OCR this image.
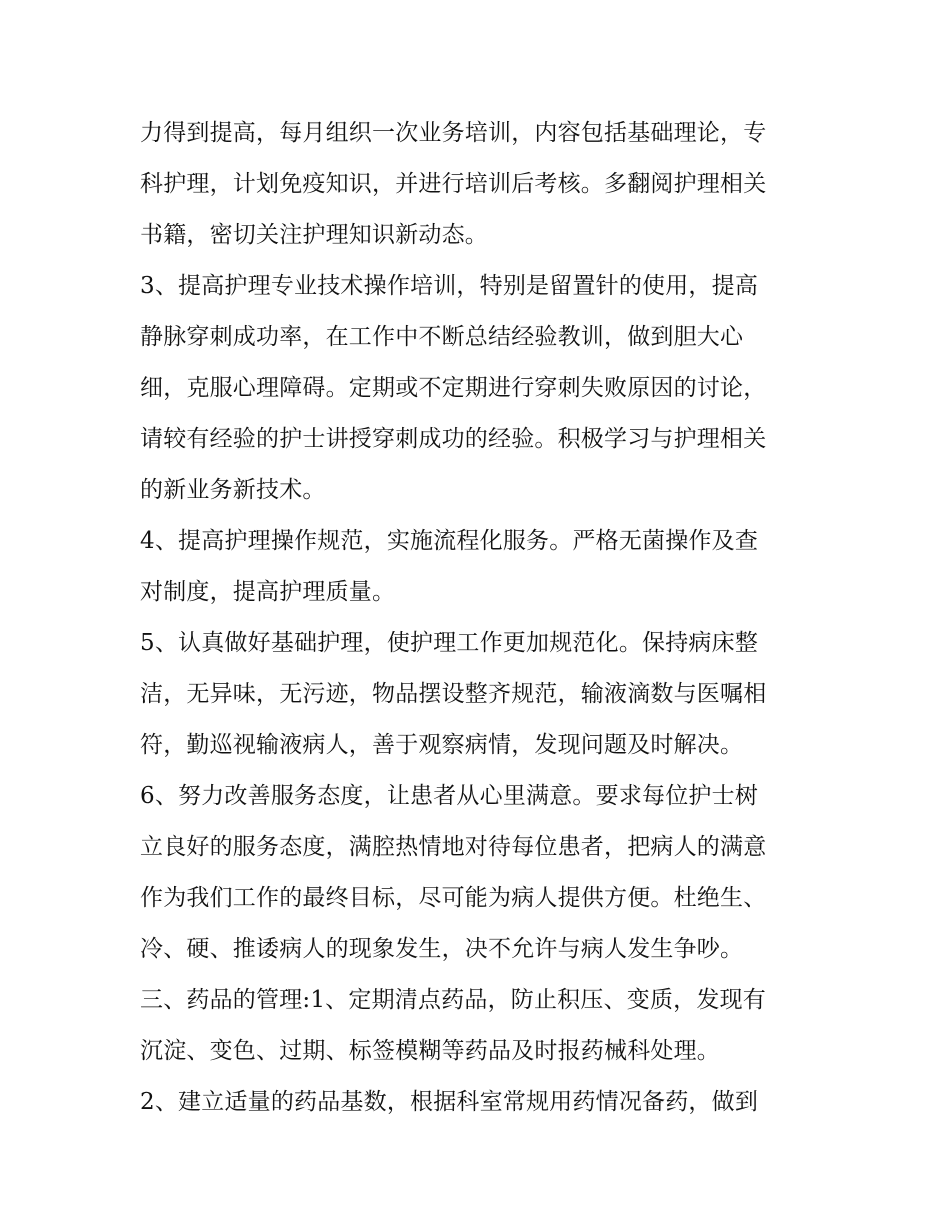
力得到提高，每月组织一次业务培训，内容包括基础理论，专
科护理，计划免疫知识，并进行培训后考核。多翻阅护理相关
书籍，密切关注护理知识新动态。
3、提高护理专业技术操作培训，特别是留置针的使用，提高
静脉穿刺成功率，在工作中不断总结经验教训，做到胆大心
细，克服心理障碍。定期或不定期进行穿刺失败原因的讨论，
请较有经验的护士讲授穿刺成功的经验。积极学习与护理相关
的新业务新技术。
4、提高护理操作规范，实施流程化服务。严格无菌操作及查
对制度，提高护理质量。
5、认真做好基础护理，使护理工作更加规范化。保持病床整
洁，无异味，无污迹，物品摆设整齐规范，输液滴数与医嘱相
符，勤巡视输液病人，善于观察病情，发现问题及时解决。
6、努力改善服务态度，让患者从心里满意。要求每位护士树
立良好的服务态度，满腔热情地对待每位患者，把病人的满意
作为我们工作的最终目标，尽可能为病人提供方便。杜绝生、
冷、硬、推诿病人的现象发生，决不允许与病人发生争吵。
三、药品的管理:1、定期清点药品，防止积压、变质，发现有
沉淀、变色、过期、标签模糊等药品及时报药械科处理。
2、建立适量的药品基数，根据科室常规用药情况备药，做到
